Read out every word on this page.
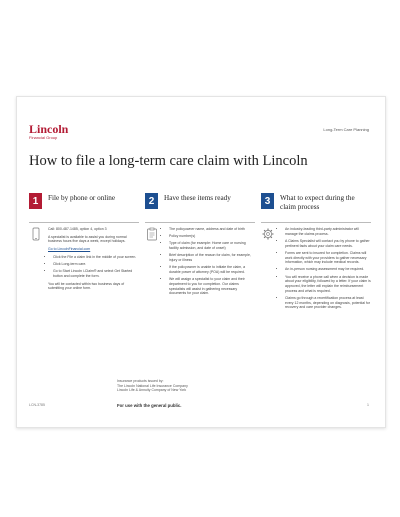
Lincoln
Financial Group
Long-Term Care Planning
How to file a long-term care claim with Lincoln
1	File by phone or online

Call: 800-487-1485, option 4, option 3

A specialist is available to assist you during normal business hours five days a week, except holidays.

Go to LincolnFinancial.com

• Click the File a claim link in the middle of your screen.
• Click Long-term care.
• Go to Start Lincoln i-Claim® and select Get Started button and complete the form.

You will be contacted within two business days of submitting your online form.

2	Have these items ready
• The policyowner name, address and date of birth
• Policy number(s)
• Type of claim (for example: Home care or nursing facility admission, and date of onset)
• Brief description of the reason for claim, for example, injury or illness
• If the policyowner is unable to initiate the claim, a durable power of attorney (POA) will be required.
• We will assign a specialist to your claim and their department to you for completion. Our claims specialists will assist in gathering necessary documents for your claim.
3	What to expect during the claim process
• An industry-leading third-party administrator will manage the claims process.
• A Claims Specialist will contact you by phone to gather pertinent facts about your claim care needs.
• Forms are sent to insured for completion. Claims will work directly with your providers to gather necessary information, which may include medical records.
• An in-person nursing assessment may be required.
• You will receive a phone call when a decision is made about your eligibility, followed by a letter. If your claim is approved, the letter will explain the reimbursement process and what is required.
• Claims go through a recertification process at least every 12 months, depending on diagnosis, potential for recovery and care provider changes.
Insurance products issued by:
The Lincoln National Life Insurance Company
Lincoln Life & Annuity Company of New York
For use with the general public.
LCN-3785	1
